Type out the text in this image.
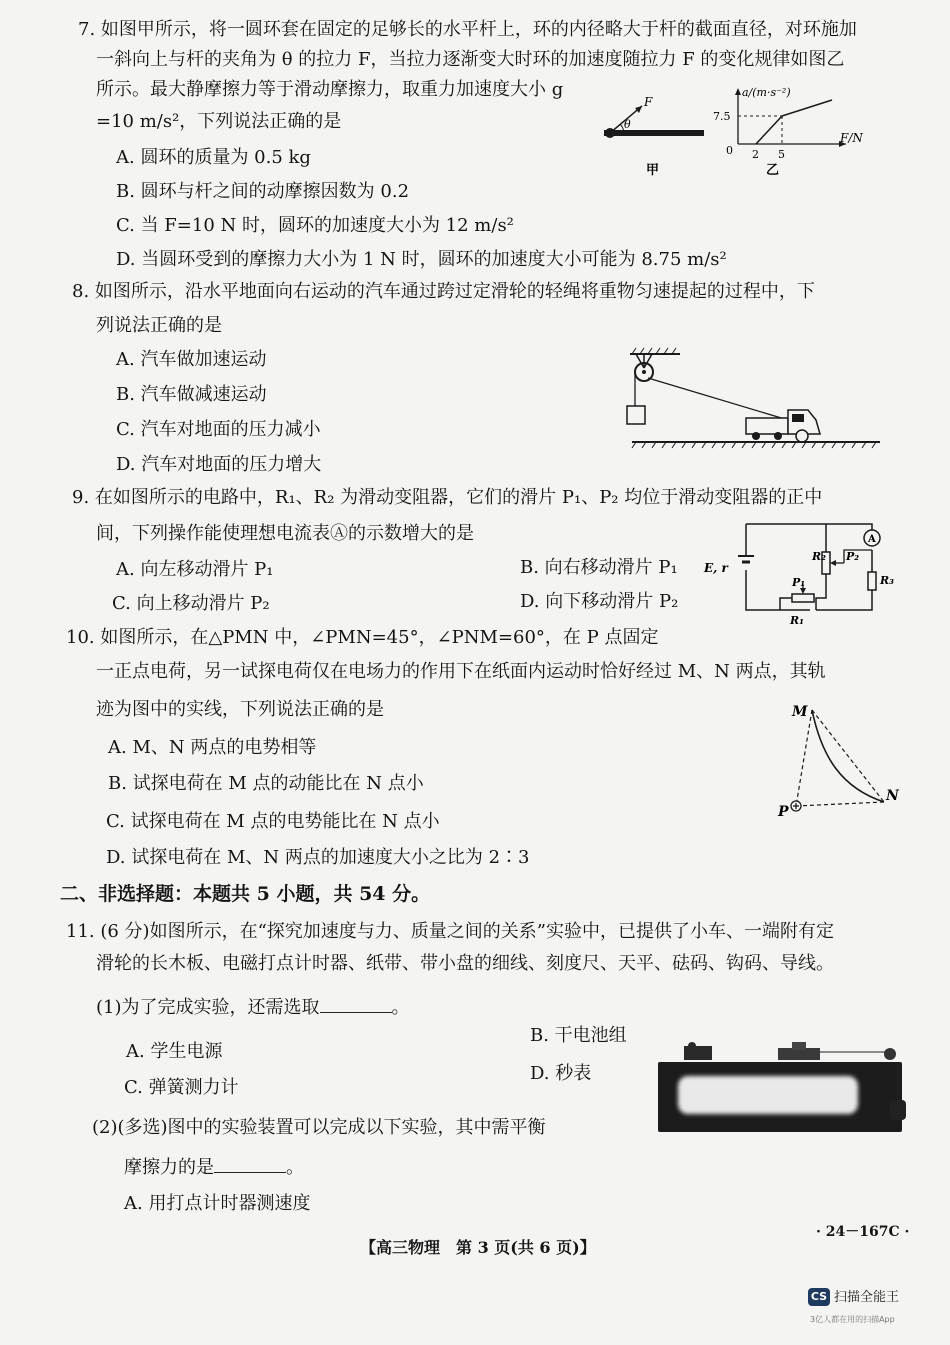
7. 如图甲所示，将一圆环套在固定的足够长的水平杆上，环的内径略大于杆的截面直径，对环施加
一斜向上与杆的夹角为 θ 的拉力 F，当拉力逐渐变大时环的加速度随拉力 F 的变化规律如图乙
所示。最大静摩擦力等于滑动摩擦力，取重力加速度大小 g
=10 m/s²，下列说法正确的是
A. 圆环的质量为 0.5 kg
B. 圆环与杆之间的动摩擦因数为 0.2
C. 当 F=10 N 时，圆环的加速度大小为 12 m/s²
D. 当圆环受到的摩擦力大小为 1 N 时，圆环的加速度大小可能为 8.75 m/s²
F
θ
甲
a/(m·s⁻²)
F/N
7.5
0 2 5
乙
8. 如图所示，沿水平地面向右运动的汽车通过跨过定滑轮的轻绳将重物匀速提起的过程中，下
列说法正确的是
A. 汽车做加速运动
B. 汽车做减速运动
C. 汽车对地面的压力减小
D. 汽车对地面的压力增大
9. 在如图所示的电路中，R₁、R₂ 为滑动变阻器，它们的滑片 P₁、P₂ 均位于滑动变阻器的正中
间，下列操作能使理想电流表Ⓐ的示数增大的是
A. 向左移动滑片 P₁	B. 向右移动滑片 P₁
C. 向上移动滑片 P₂	D. 向下移动滑片 P₂
A
E, r
R₂ P₂
R₃
P₁
R₁
10. 如图所示，在△PMN 中，∠PMN=45°，∠PNM=60°，在 P 点固定
一正点电荷，另一试探电荷仅在电场力的作用下在纸面内运动时恰好经过 M、N 两点，其轨
迹为图中的实线，下列说法正确的是
A. M、N 两点的电势相等
B. 试探电荷在 M 点的动能比在 N 点小
C. 试探电荷在 M 点的电势能比在 N 点小
D. 试探电荷在 M、N 两点的加速度大小之比为 2∶3
M
N
P
二、非选择题：本题共 5 小题，共 54 分。
11. (6 分)如图所示，在“探究加速度与力、质量之间的关系”实验中，已提供了小车、一端附有定
滑轮的长木板、电磁打点计时器、纸带、带小盘的细线、刻度尺、天平、砝码、钩码、导线。
(1)为了完成实验，还需选取	。
A. 学生电源
B. 干电池组
C. 弹簧测力计
D. 秒表
(2)(多选)图中的实验装置可以完成以下实验，其中需平衡
摩擦力的是	。
A. 用打点计时器测速度
【高三物理　第 3 页(共 6 页)】
· 24－167C ·
CS 扫描全能王
3亿人都在用的扫描App
